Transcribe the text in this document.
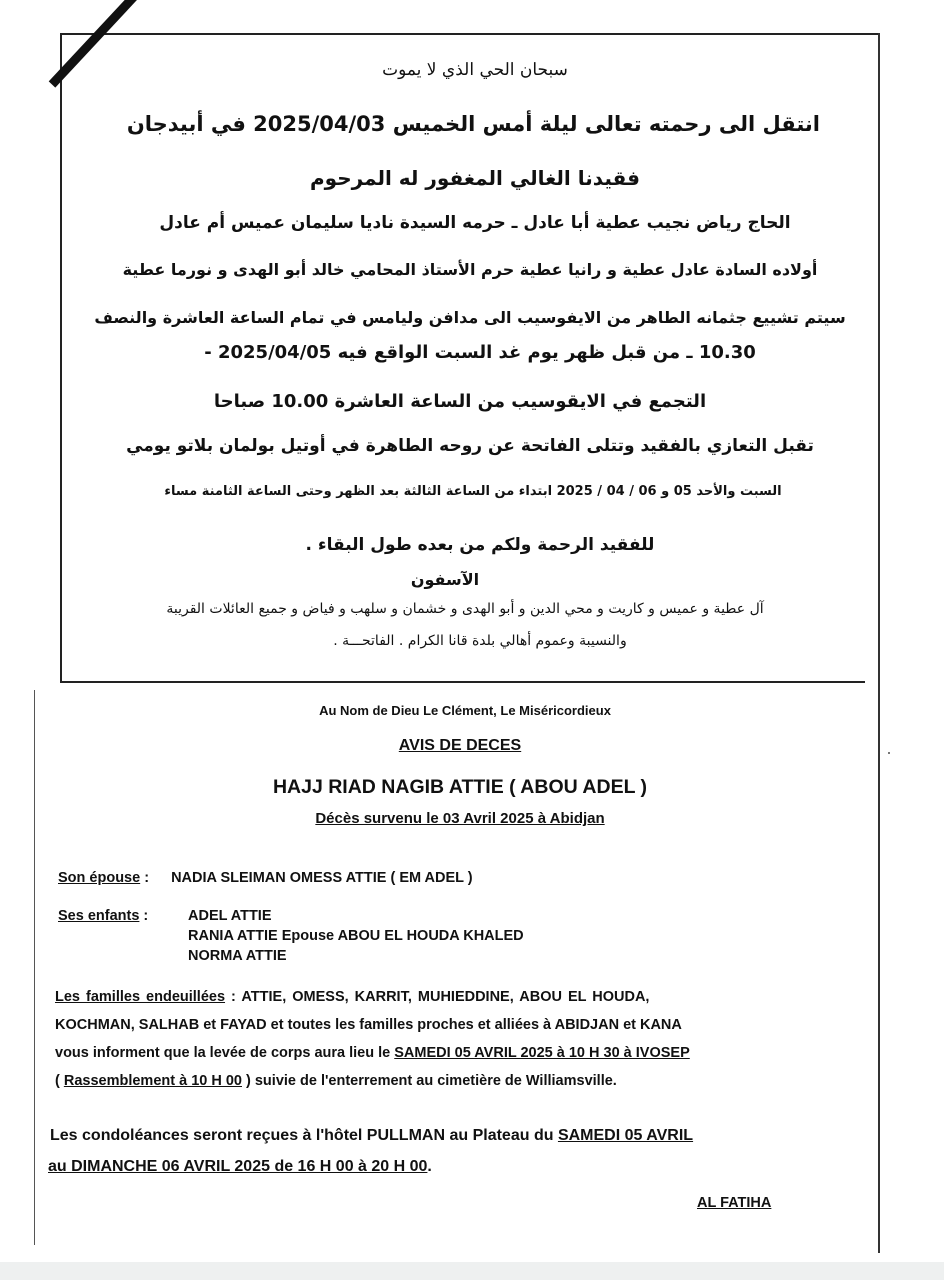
سبحان الحي الذي لا يموت
انتقل الى رحمته تعالى ليلة أمس الخميس 2025/04/03 في أبيدجان
فقيدنا الغالي المغفور له المرحوم
الحاج رياض نجيب عطية أبا عادل ـ حرمه السيدة ناديا سليمان عميس أم عادل
أولاده السادة عادل عطية و رانيا عطية حرم الأستاذ المحامي خالد أبو الهدى و نورما عطية
سيتم تشييع جثمانه الطاهر من الايفوسيب الى مدافن وليامس في تمام الساعة العاشرة والنصف
10.30 ـ من قبل ظهر يوم غد السبت الواقع فيه 2025/04/05 -
التجمع في الايقوسيب من الساعة العاشرة 10.00 صباحا
تقبل التعازي بالفقيد وتتلى الفاتحة عن روحه الطاهرة في أوتيل بولمان بلاتو يومي
السبت والأحد 05 و 06 / 04 / 2025 ابتداء من الساعة الثالثة بعد الظهر وحتى الساعة الثامنة مساء
للفقيد الرحمة ولكم من بعده طول البقاء .
الآسفون
آل عطية و عميس و كاريت و محي الدين و أبو الهدى و خشمان و سلهب و فياض و جميع العائلات القريبة
والنسيبة وعموم أهالي بلدة قانا الكرام . الفاتحـــة .
Au Nom de Dieu Le Clément, Le Miséricordieux
AVIS DE DECES
HAJJ RIAD NAGIB ATTIE ( ABOU ADEL )
Décès survenu le 03 Avril 2025 à Abidjan
Son épouse : NADIA SLEIMAN OMESS ATTIE ( EM ADEL )
Ses enfants :	ADEL ATTIE
RANIA ATTIE Epouse ABOU EL HOUDA KHALED
NORMA ATTIE
Les familles endeuillées : ATTIE, OMESS, KARRIT, MUHIEDDINE, ABOU EL HOUDA,
KOCHMAN, SALHAB et FAYAD et toutes les familles proches et alliées à ABIDJAN et KANA
vous informent que la levée de corps aura lieu le SAMEDI 05 AVRIL 2025 à 10 H 30 à IVOSEP
( Rassemblement à 10 H 00 ) suivie de l'enterrement au cimetière de Williamsville.
Les condoléances seront reçues à l'hôtel PULLMAN au Plateau du SAMEDI 05 AVRIL
au DIMANCHE 06 AVRIL 2025 de 16 H 00 à 20 H 00.
AL FATIHA
